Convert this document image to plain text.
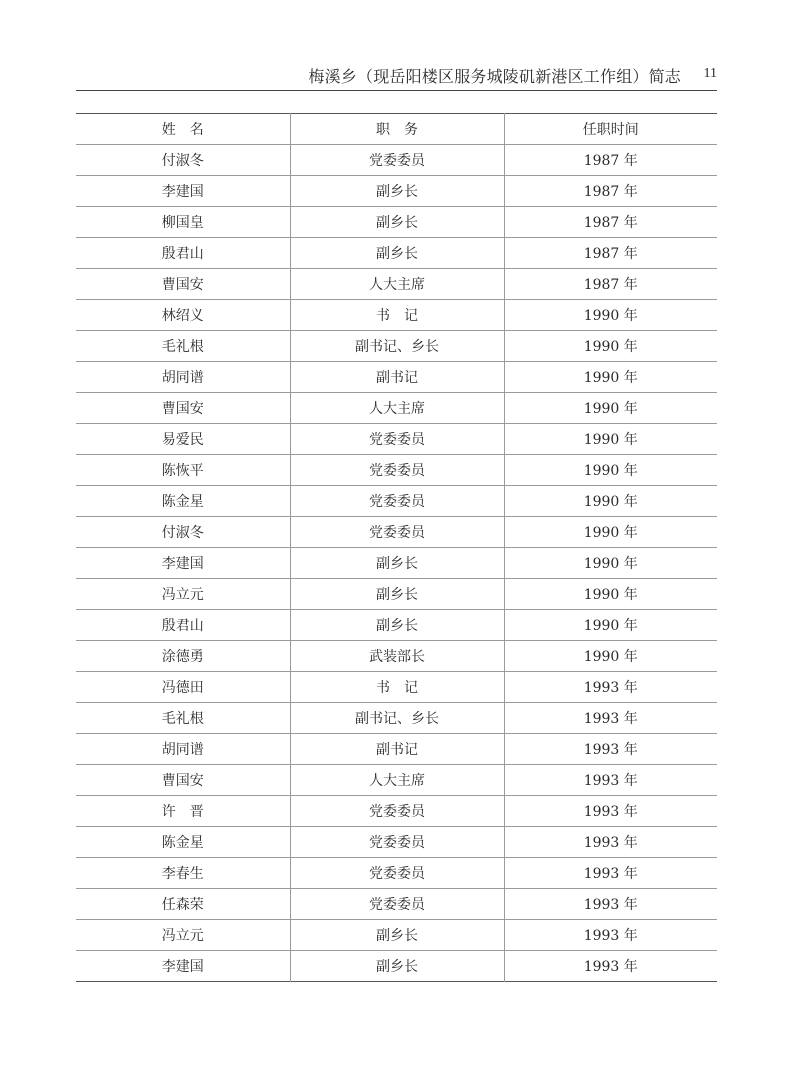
梅溪乡（现岳阳楼区服务城陵矶新港区工作组）简志 11
姓　名	职　务	任职时间
付淑冬	党委委员	1987 年
李建国	副乡长	1987 年
柳国皇	副乡长	1987 年
殷君山	副乡长	1987 年
曹国安	人大主席	1987 年
林绍义	书　记	1990 年
毛礼根	副书记、乡长	1990 年
胡同谱	副书记	1990 年
曹国安	人大主席	1990 年
易爱民	党委委员	1990 年
陈恢平	党委委员	1990 年
陈金星	党委委员	1990 年
付淑冬	党委委员	1990 年
李建国	副乡长	1990 年
冯立元	副乡长	1990 年
殷君山	副乡长	1990 年
涂德勇	武装部长	1990 年
冯德田	书　记	1993 年
毛礼根	副书记、乡长	1993 年
胡同谱	副书记	1993 年
曹国安	人大主席	1993 年
许　晋	党委委员	1993 年
陈金星	党委委员	1993 年
李春生	党委委员	1993 年
任森荣	党委委员	1993 年
冯立元	副乡长	1993 年
李建国	副乡长	1993 年
